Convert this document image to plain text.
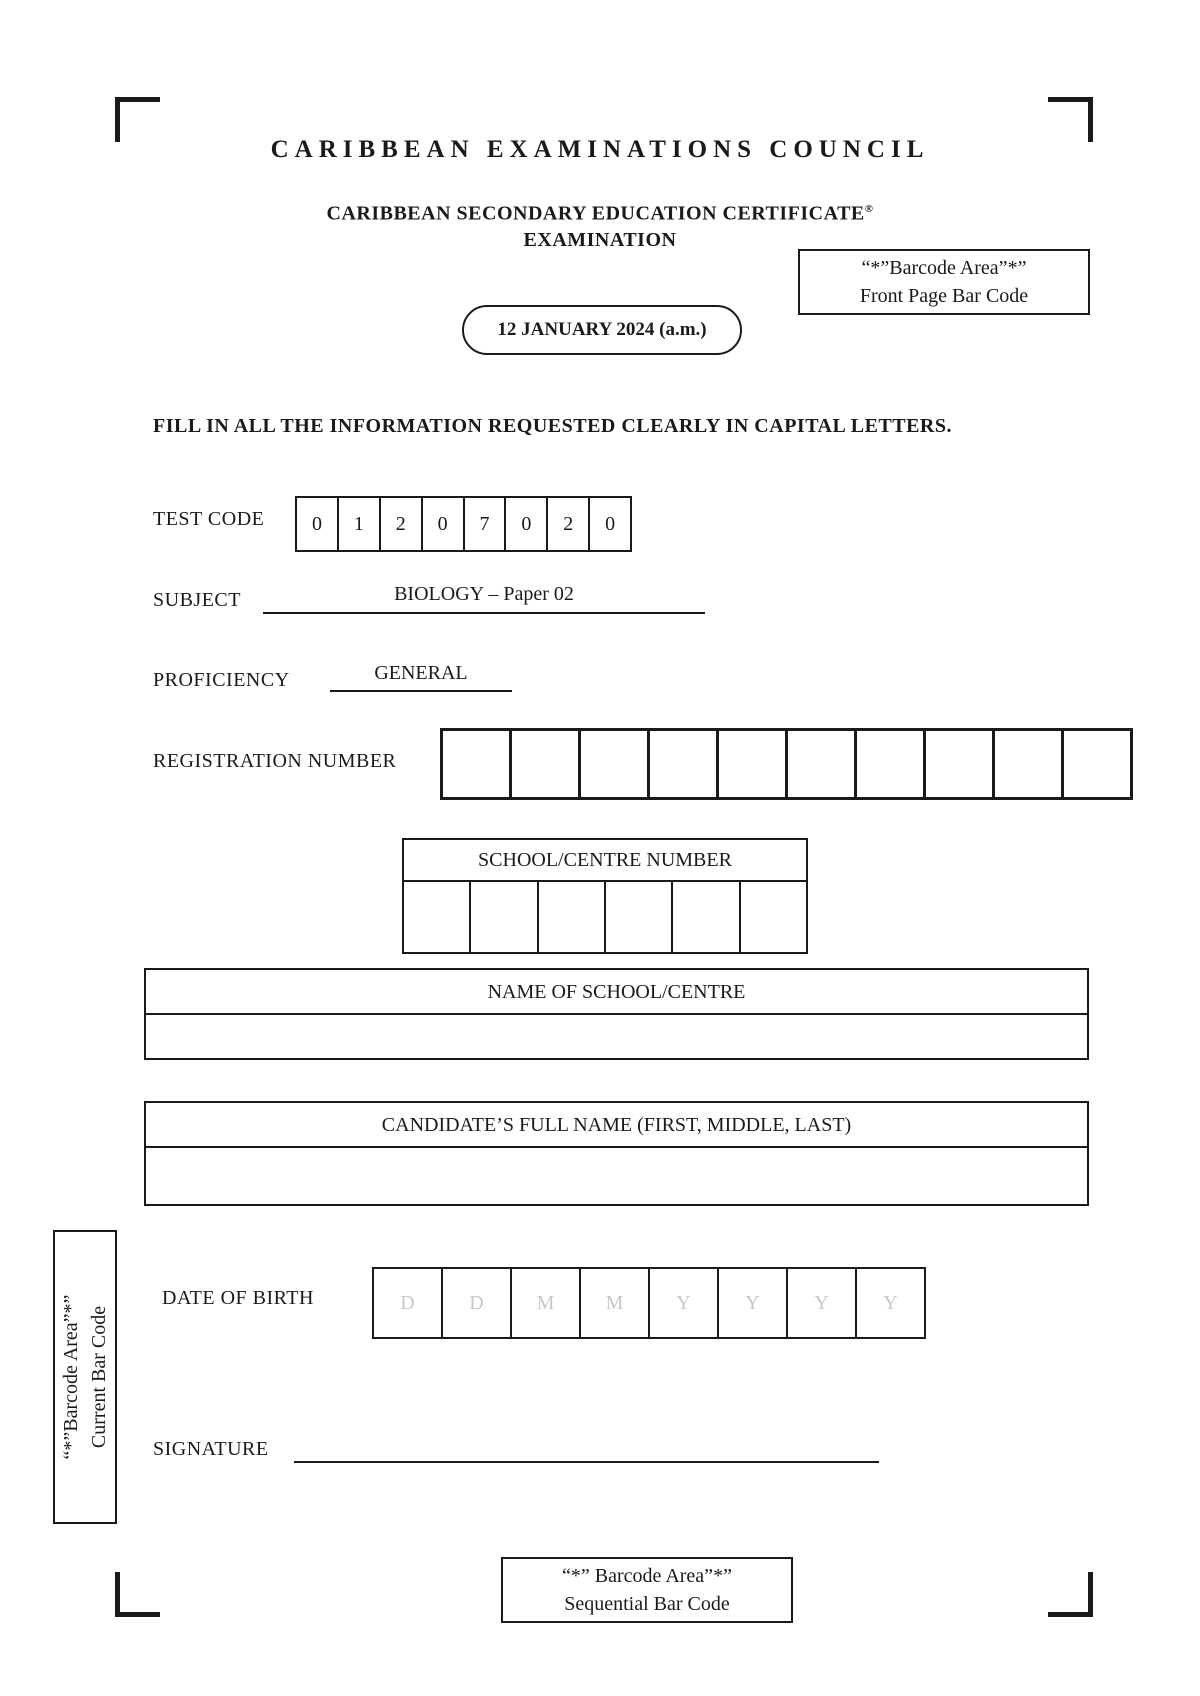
CARIBBEAN EXAMINATIONS COUNCIL
CARIBBEAN SECONDARY EDUCATION CERTIFICATE®
EXAMINATION
“*”Barcode Area”*”
Front Page Bar Code
12 JANUARY 2024 (a.m.)
FILL IN ALL THE INFORMATION REQUESTED CLEARLY IN CAPITAL LETTERS.
TEST CODE	0	1	2	0	7	0	2	0
SUBJECT	BIOLOGY – Paper 02
PROFICIENCY	GENERAL
REGISTRATION NUMBER
SCHOOL/CENTRE NUMBER
NAME OF SCHOOL/CENTRE
CANDIDATE’S FULL NAME (FIRST, MIDDLE, LAST)
“*”Barcode Area”*” Current Bar Code
DATE OF BIRTH	D	D	M	M	Y	Y	Y	Y
SIGNATURE
“*” Barcode Area”*”
Sequential Bar Code
